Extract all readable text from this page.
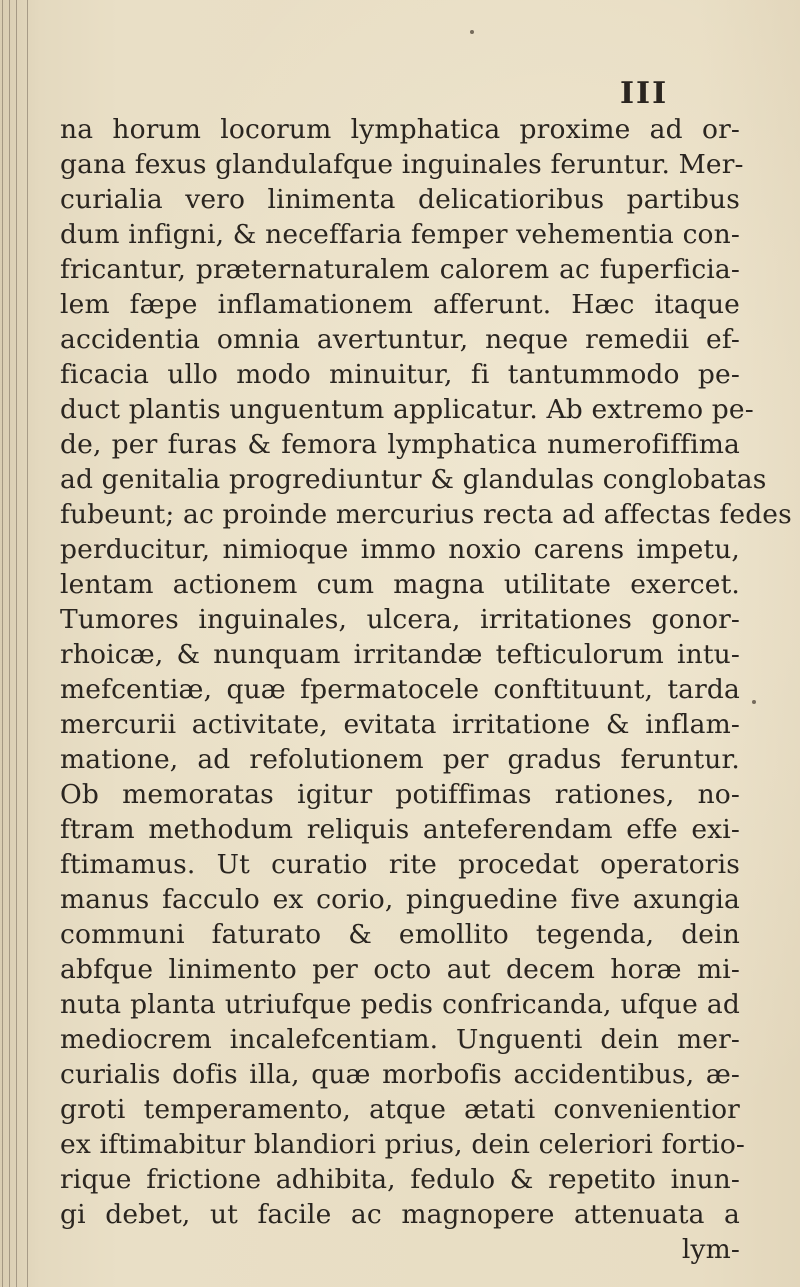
III
na horum locorum lymphatica proxime ad or-
gana fexus glandulafque inguinales feruntur. Mer-
curialia vero linimenta delicatioribus partibus
dum infigni, & neceffaria femper vehementia con-
fricantur, præternaturalem calorem ac fuperficia-
lem fæpe inflamationem afferunt. Hæc itaque
accidentia omnia avertuntur, neque remedii ef-
ficacia ullo modo minuitur, fi tantummodo pe-
duct plantis unguentum applicatur. Ab extremo pe-
de, per furas & femora lymphatica numerofiffima
ad genitalia progrediuntur & glandulas conglobatas
fubeunt; ac proinde mercurius recta ad affectas fedes
perducitur, nimioque immo noxio carens impetu,
lentam actionem cum magna utilitate exercet.
Tumores inguinales, ulcera, irritationes gonor-
rhoicæ, & nunquam irritandæ tefticulorum intu-
mefcentiæ, quæ fpermatocele conftituunt, tarda
mercurii activitate, evitata irritatione & inflam-
matione, ad refolutionem per gradus feruntur.
Ob memoratas igitur potiffimas rationes, no-
ftram methodum reliquis anteferendam effe exi-
ftimamus. Ut curatio rite procedat operatoris
manus facculo ex corio, pinguedine five axungia
communi faturato & emollito tegenda, dein
abfque linimento per octo aut decem horæ mi-
nuta planta utriufque pedis confricanda, ufque ad
mediocrem incalefcentiam. Unguenti dein mer-
curialis dofis illa, quæ morbofis accidentibus, æ-
groti temperamento, atque ætati convenientior
ex iftimabitur blandiori prius, dein celeriori fortio-
rique frictione adhibita, fedulo & repetito inun-
gi debet, ut facile ac magnopere attenuata a
lym-
